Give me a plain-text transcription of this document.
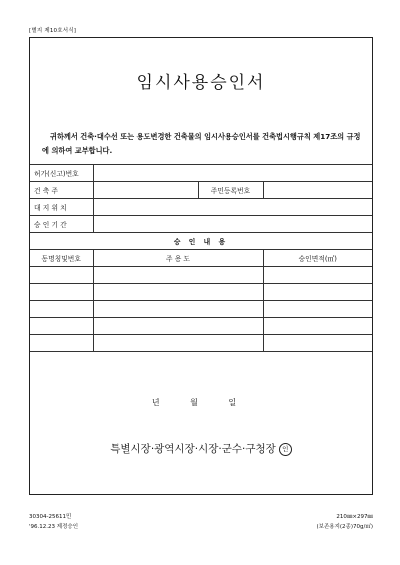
[별지 제10호서식]
임시사용승인서
귀하께서 건축·대수선 또는 용도변경한 건축물의 임시사용승인서를 건축법시행규칙 제17조의 규정에 의하여 교부합니다.
허가(신고)번호			
건 축 주		주민등록번호	
대 지 위 치			
승 인 기 간			
승 인 내 용			
동명칭및번호	주 용 도		승인면적(㎡)

년 월 일
특별시장·광역시장·시장·군수·구청장 인
30304-25611민
'96.12.23 제정승인
210㎜×297㎜
(보존용지(2종)70g/㎡)
